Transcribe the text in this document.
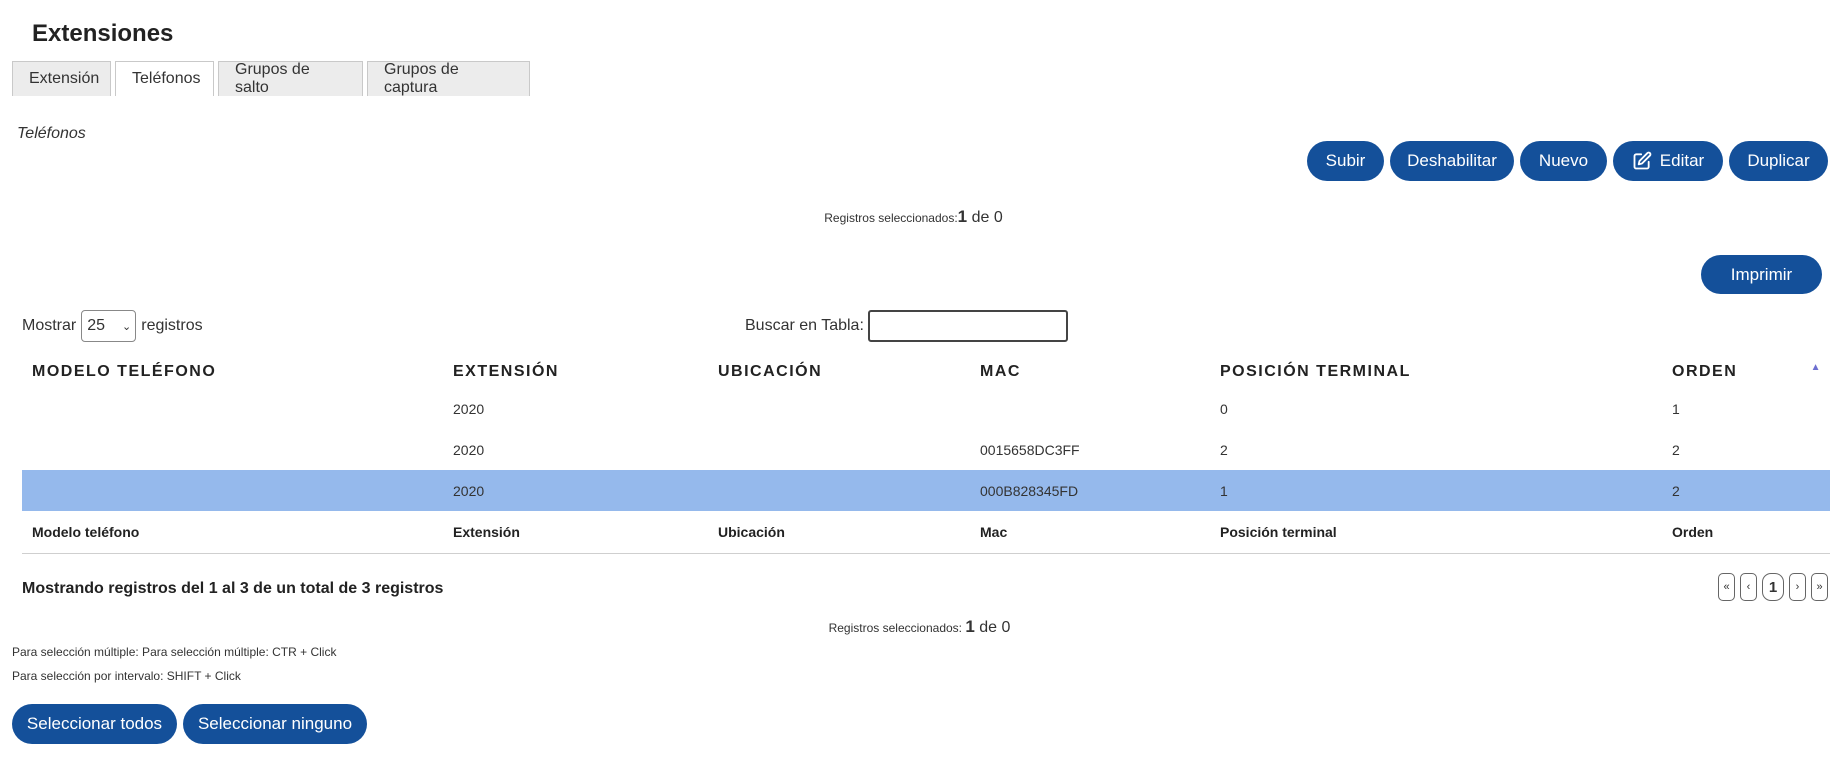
Extensiones
Extensión	Teléfonos
Grupos de salto
Grupos de captura
Teléfonos
Subir	Deshabilitar	Nuevo	Editar	Duplicar
Registros seleccionados:1 de 0
Imprimir
Mostrar 25 ⌄ registros	Buscar en Tabla:
MODELO TELÉFONO	EXTENSIÓN	UBICACIÓN	MAC	POSICIÓN TERMINAL	ORDEN ▲

	2020			0	1
	2020		0015658DC3FF	2	2
	2020		000B828345FD	1	2
Modelo teléfono	Extensión	Ubicación	Mac	Posición terminal	Orden
Mostrando registros del 1 al 3 de un total de 3 registros	«	‹	1	›	»
Registros seleccionados: 1 de 0
Para selección múltiple: Para selección múltiple: CTR + Click
Para selección por intervalo: SHIFT + Click
Seleccionar todos	Seleccionar ninguno
